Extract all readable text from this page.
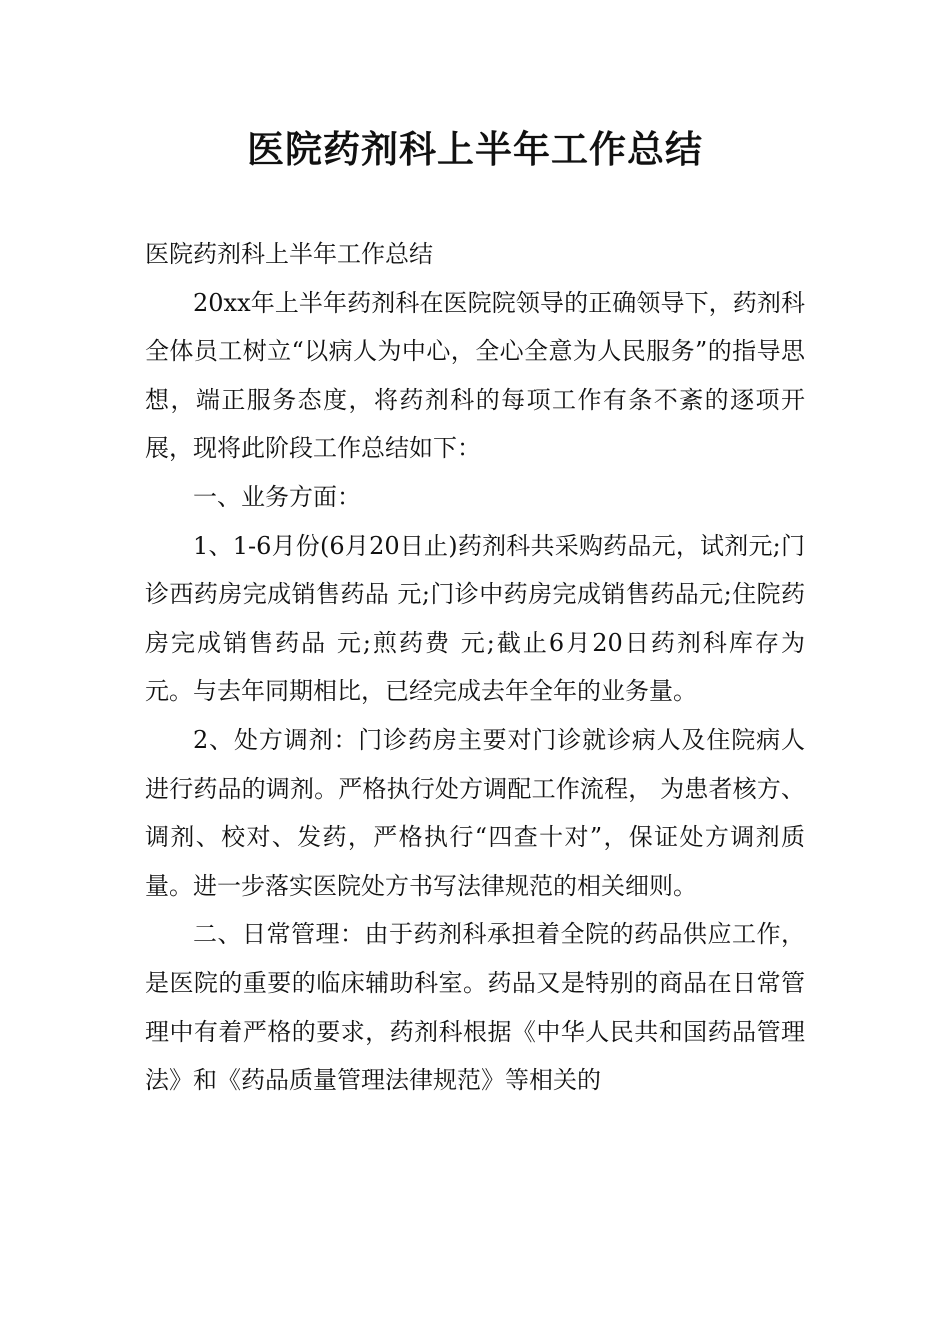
医院药剂科上半年工作总结

医院药剂科上半年工作总结

20xx年上半年药剂科在医院院领导的正确领导下，药剂科全体员工树立“以病人为中心，全心全意为人民服务”的指导思想，端正服务态度，将药剂科的每项工作有条不紊的逐项开展，现将此阶段工作总结如下：

一、业务方面：

1、1-6月份(6月20日止)药剂科共采购药品元，试剂元;门诊西药房完成销售药品 元;门诊中药房完成销售药品元;住院药房完成销售药品 元;煎药费 元;截止6月20日药剂科库存为 元。与去年同期相比，已经完成去年全年的业务量。

2、处方调剂：门诊药房主要对门诊就诊病人及住院病人进行药品的调剂。严格执行处方调配工作流程， 为患者核方、调剂、校对、发药，严格执行“四查十对”，保证处方调剂质量。进一步落实医院处方书写法律规范的相关细则。

二、日常管理：由于药剂科承担着全院的药品供应工作，是医院的重要的临床辅助科室。药品又是特别的商品在日常管理中有着严格的要求，药剂科根据《中华人民共和国药品管理法》和《药品质量管理法律规范》等相关的
